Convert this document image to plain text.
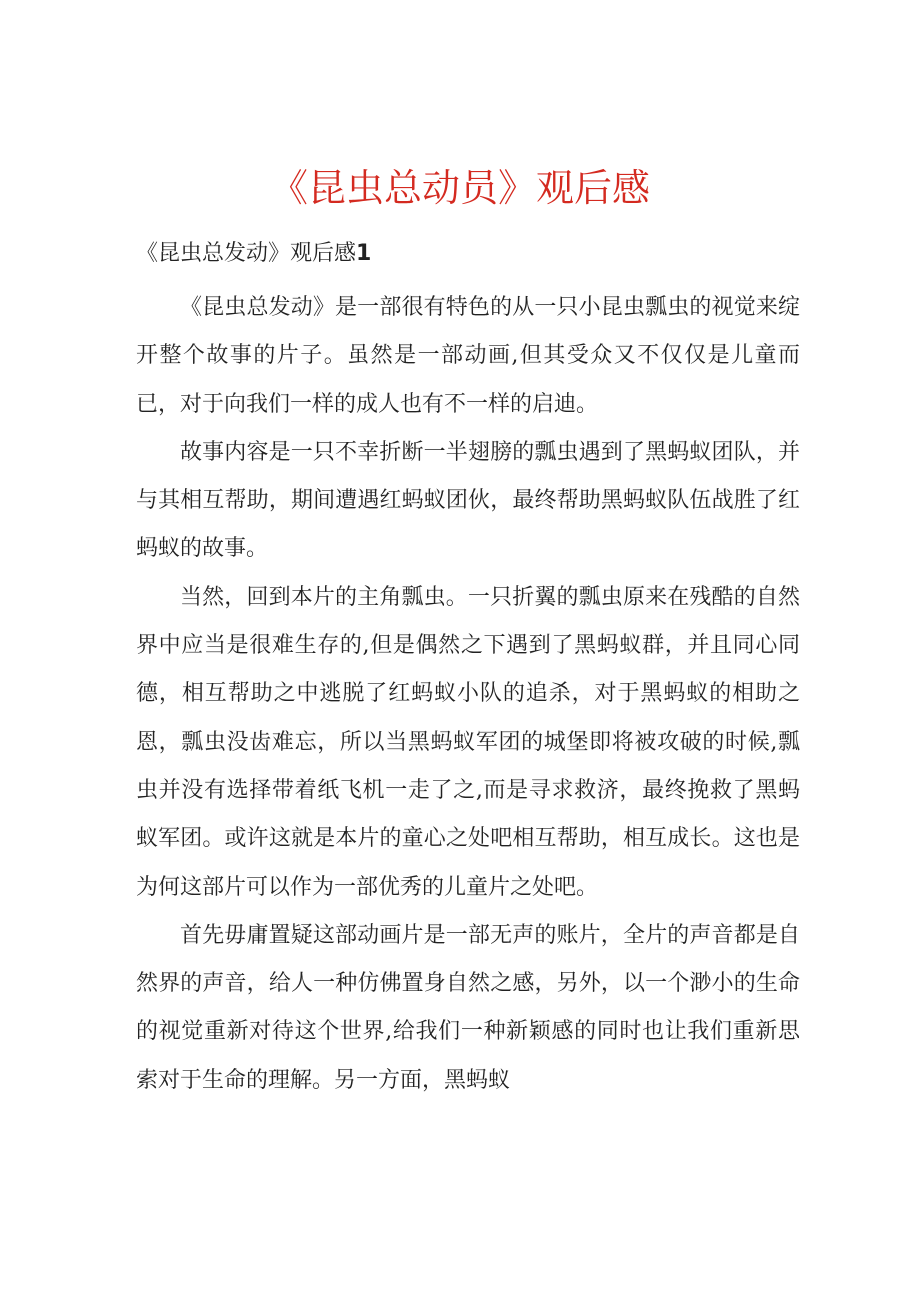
《昆虫总动员》观后感
《昆虫总发动》观后感1

《昆虫总发动》是一部很有特色的从一只小昆虫瓢虫的视觉来绽开整个故事的片子。虽然是一部动画,但其受众又不仅仅是儿童而已，对于向我们一样的成人也有不一样的启迪。

故事内容是一只不幸折断一半翅膀的瓢虫遇到了黑蚂蚁团队，并与其相互帮助，期间遭遇红蚂蚁团伙，最终帮助黑蚂蚁队伍战胜了红蚂蚁的故事。

当然，回到本片的主角瓢虫。一只折翼的瓢虫原来在残酷的自然界中应当是很难生存的,但是偶然之下遇到了黑蚂蚁群，并且同心同德，相互帮助之中逃脱了红蚂蚁小队的追杀，对于黑蚂蚁的相助之恩，瓢虫没齿难忘，所以当黑蚂蚁军团的城堡即将被攻破的时候,瓢虫并没有选择带着纸飞机一走了之,而是寻求救济，最终挽救了黑蚂蚁军团。或许这就是本片的童心之处吧相互帮助，相互成长。这也是为何这部片可以作为一部优秀的儿童片之处吧。

首先毋庸置疑这部动画片是一部无声的账片，全片的声音都是自然界的声音，给人一种仿佛置身自然之感，另外，以一个渺小的生命的视觉重新对待这个世界,给我们一种新颖感的同时也让我们重新思索对于生命的理解。另一方面，黑蚂蚁
